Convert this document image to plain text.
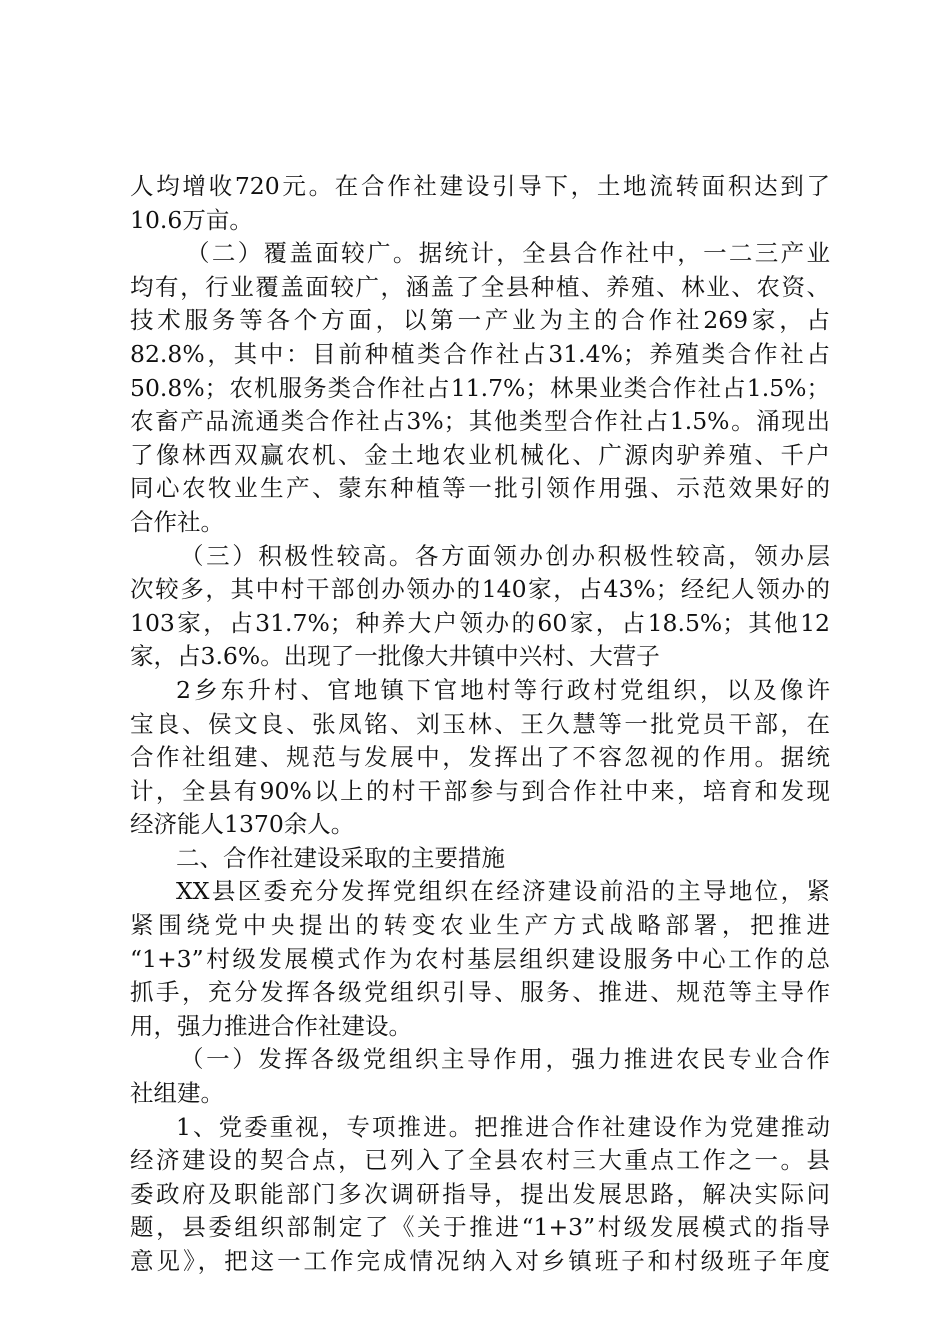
人均增收720元。在合作社建设引导下，土地流转面积达到了
10.6万亩。
（二）覆盖面较广。据统计，全县合作社中，一二三产业
均有，行业覆盖面较广，涵盖了全县种植、养殖、林业、农资、
技术服务等各个方面，以第一产业为主的合作社269家，占
82.8%，其中：目前种植类合作社占31.4%；养殖类合作社占
50.8%；农机服务类合作社占11.7%；林果业类合作社占1.5%；
农畜产品流通类合作社占3%；其他类型合作社占1.5%。涌现出
了像林西双赢农机、金土地农业机械化、广源肉驴养殖、千户
同心农牧业生产、蒙东种植等一批引领作用强、示范效果好的
合作社。
（三）积极性较高。各方面领办创办积极性较高，领办层
次较多，其中村干部创办领办的140家，占43%；经纪人领办的
103家，占31.7%；种养大户领办的60家，占18.5%；其他12
家，占3.6%。出现了一批像大井镇中兴村、大营子
2乡东升村、官地镇下官地村等行政村党组织，以及像许
宝良、侯文良、张凤铭、刘玉林、王久慧等一批党员干部，在
合作社组建、规范与发展中，发挥出了不容忽视的作用。据统
计，全县有90%以上的村干部参与到合作社中来，培育和发现
经济能人1370余人。
二、合作社建设采取的主要措施
XX县区委充分发挥党组织在经济建设前沿的主导地位，紧
紧围绕党中央提出的转变农业生产方式战略部署，把推进
“1+3”村级发展模式作为农村基层组织建设服务中心工作的总
抓手，充分发挥各级党组织引导、服务、推进、规范等主导作
用，强力推进合作社建设。
（一）发挥各级党组织主导作用，强力推进农民专业合作
社组建。
1、党委重视，专项推进。把推进合作社建设作为党建推动
经济建设的契合点，已列入了全县农村三大重点工作之一。县
委政府及职能部门多次调研指导，提出发展思路，解决实际问
题，县委组织部制定了《关于推进“1+3”村级发展模式的指导
意见》，把这一工作完成情况纳入对乡镇班子和村级班子年度
